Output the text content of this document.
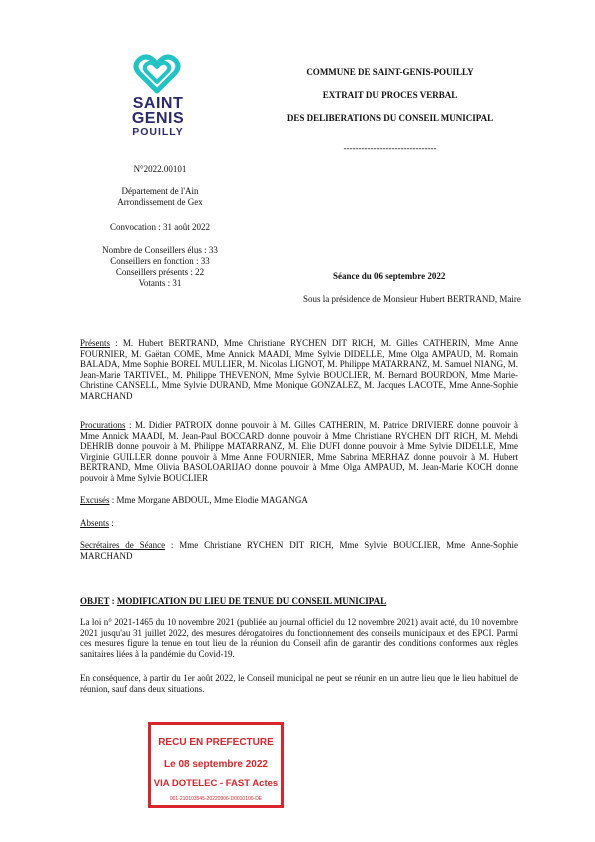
SAINT
GENIS
POUILLY
COMMUNE DE SAINT-GENIS-POUILLY
EXTRAIT DU PROCES VERBAL
DES DELIBERATIONS DU CONSEIL MUNICIPAL
-------------------------------
N°2022.00101
Département de l'Ain
Arrondissement de Gex
Convocation : 31 août 2022
Nombre de Conseillers élus : 33
Conseillers en fonction : 33
Conseillers présents : 22
Votants : 31
Séance du 06 septembre 2022
Sous la présidence de Monsieur Hubert BERTRAND, Maire
Présents : M. Hubert BERTRAND, Mme Christiane RYCHEN DIT RICH, M. Gilles CATHERIN, Mme Anne FOURNIER, M. Gaëtan COME, Mme Annick MAADI, Mme Sylvie DIDELLE, Mme Olga AMPAUD, M. Romain BALADA, Mme Sophie BOREL MULLIER, M. Nicolas LIGNOT, M. Philippe MATARRANZ, M. Samuel NIANG, M. Jean-Marie TARTIVEL, M. Philippe THEVENON, Mme Sylvie BOUCLIER, M. Bernard BOURDON, Mme Marie-Christine CANSELL, Mme Sylvie DURAND, Mme Monique GONZALEZ, M. Jacques LACOTE, Mme Anne-Sophie MARCHAND
Procurations : M. Didier PATROIX donne pouvoir à M. Gilles CATHERIN, M. Patrice DRIVIERE donne pouvoir à Mme Annick MAADI, M. Jean-Paul BOCCARD donne pouvoir à Mme Christiane RYCHEN DIT RICH, M. Mehdi DEHRIB donne pouvoir à M. Philippe MATARRANZ, M. Elie DUFI donne pouvoir à Mme Sylvie DIDELLE, Mme Virginie GUILLER donne pouvoir à Mme Anne FOURNIER, Mme Sabrina MERHAZ donne pouvoir à M. Hubert BERTRAND, Mme Olivia BASOLOARIJAO donne pouvoir à Mme Olga AMPAUD, M. Jean-Marie KOCH donne pouvoir à Mme Sylvie BOUCLIER
Excusés : Mme Morgane ABDOUL, Mme Elodie MAGANGA
Absents :
Secrétaires de Séance : Mme Christiane RYCHEN DIT RICH, Mme Sylvie BOUCLIER, Mme Anne-Sophie MARCHAND
OBJET : MODIFICATION DU LIEU DE TENUE DU CONSEIL MUNICIPAL
La loi n° 2021-1465 du 10 novembre 2021 (publiée au journal officiel du 12 novembre 2021) avait acté, du 10 novembre 2021 jusqu'au 31 juillet 2022, des mesures dérogatoires du fonctionnement des conseils municipaux et des EPCI. Parmi ces mesures figure la tenue en tout lieu de la réunion du Conseil afin de garantir des conditions conformes aux règles sanitaires liées à la pandémie du Covid-19.
En conséquence, à partir du 1er août 2022, le Conseil municipal ne peut se réunir en un autre lieu que le lieu habituel de réunion, sauf dans deux situations.
RECU EN PREFECTURE
Le 08 septembre 2022
VIA DOTELEC - FAST Actes
001-210103545-20220906-D0010100-DE
